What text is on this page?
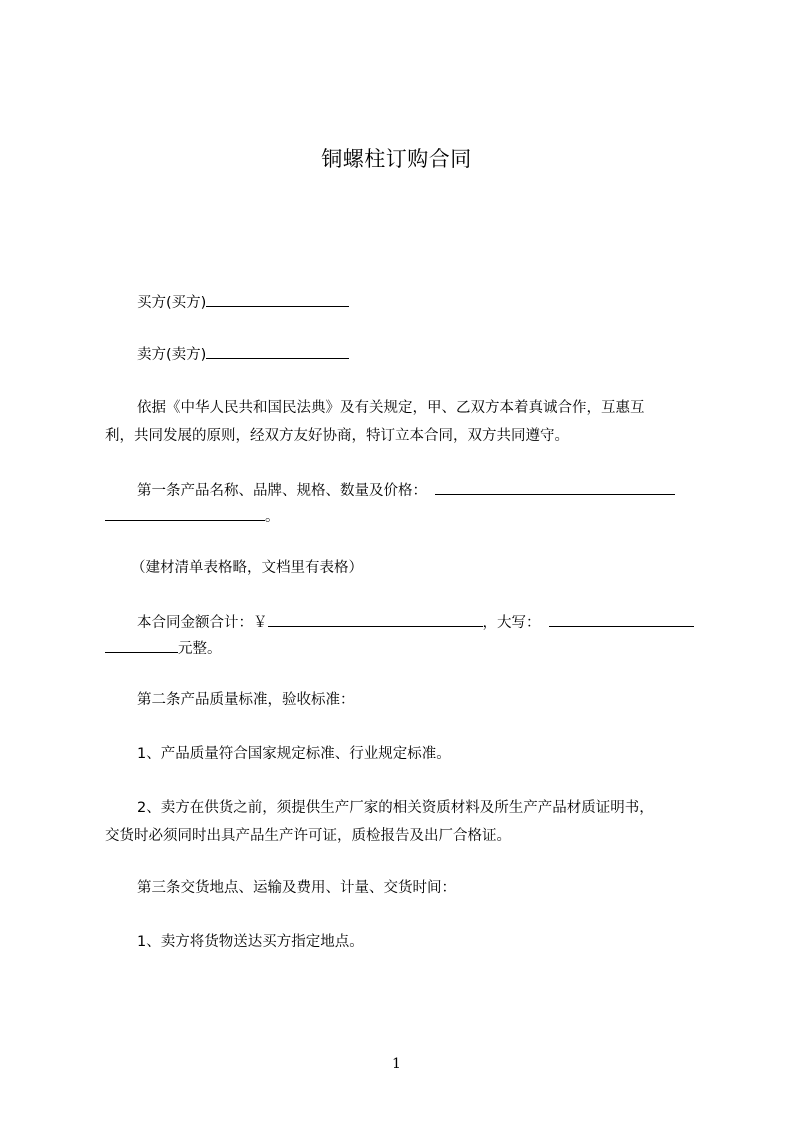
铜螺柱订购合同
买方(买方)
卖方(卖方)
依据《中华人民共和国民法典》及有关规定，甲、乙双方本着真诚合作，互惠互
利，共同发展的原则，经双方友好协商，特订立本合同，双方共同遵守。
第一条产品名称、品牌、规格、数量及价格：
。
（建材清单表格略，文档里有表格）
本合同金额合计：￥	，大写：
元整。
第二条产品质量标准，验收标准：
1、产品质量符合国家规定标准、行业规定标准。
2、卖方在供货之前，须提供生产厂家的相关资质材料及所生产产品材质证明书，
交货时必须同时出具产品生产许可证，质检报告及出厂合格证。
第三条交货地点、运输及费用、计量、交货时间：
1、卖方将货物送达买方指定地点。
1
